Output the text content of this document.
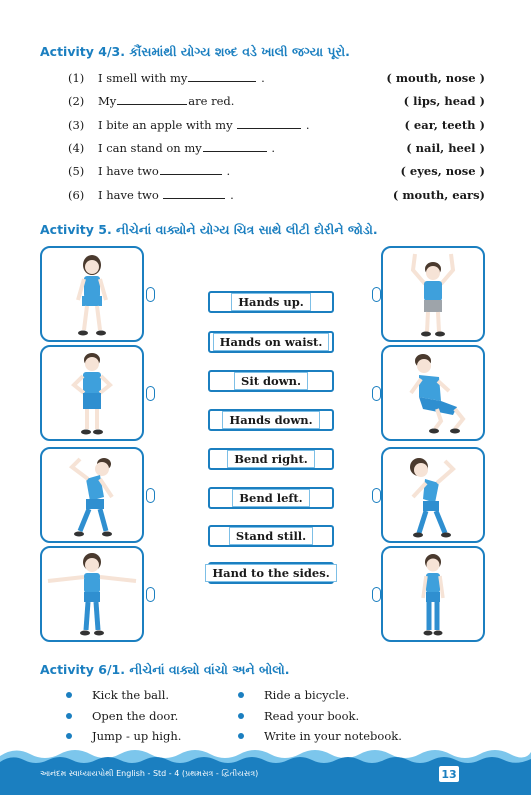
Activity 4/3. કૌંસમાંથી યોગ્ય શબ્દ વડે ખાલી જગ્યા પૂરો.
(1) I smell with my	.	( mouth, nose )
(2) My	are red.	( lips, head )
(3) I bite an apple with my	.	( ear, teeth )
(4) I can stand on my	.	( nail, heel )
(5) I have two	.	( eyes, nose )
(6) I have two	.	( mouth, ears)
Activity 5. નીચેનાં વાક્યોને યોગ્ય ચિત્ર સાથે લીટી દોરીને જોડો.
Hands up.
Hands on waist.
Sit down.
Hands down.
Bend right.
Bend left.
Stand still.
Hand to the sides.
Activity 6/1. નીચેનાં વાક્યો વાંચો અને બોલો.
Kick the ball.
Open the door.
Jump - up high.
Ride a bicycle.
Read your book.
Write in your notebook.
આનંદમ સ્વાધ્યાયપોથી English - Std - 4 (પ્રથમસત્ર - દ્વિતીયસત્ર)	13
